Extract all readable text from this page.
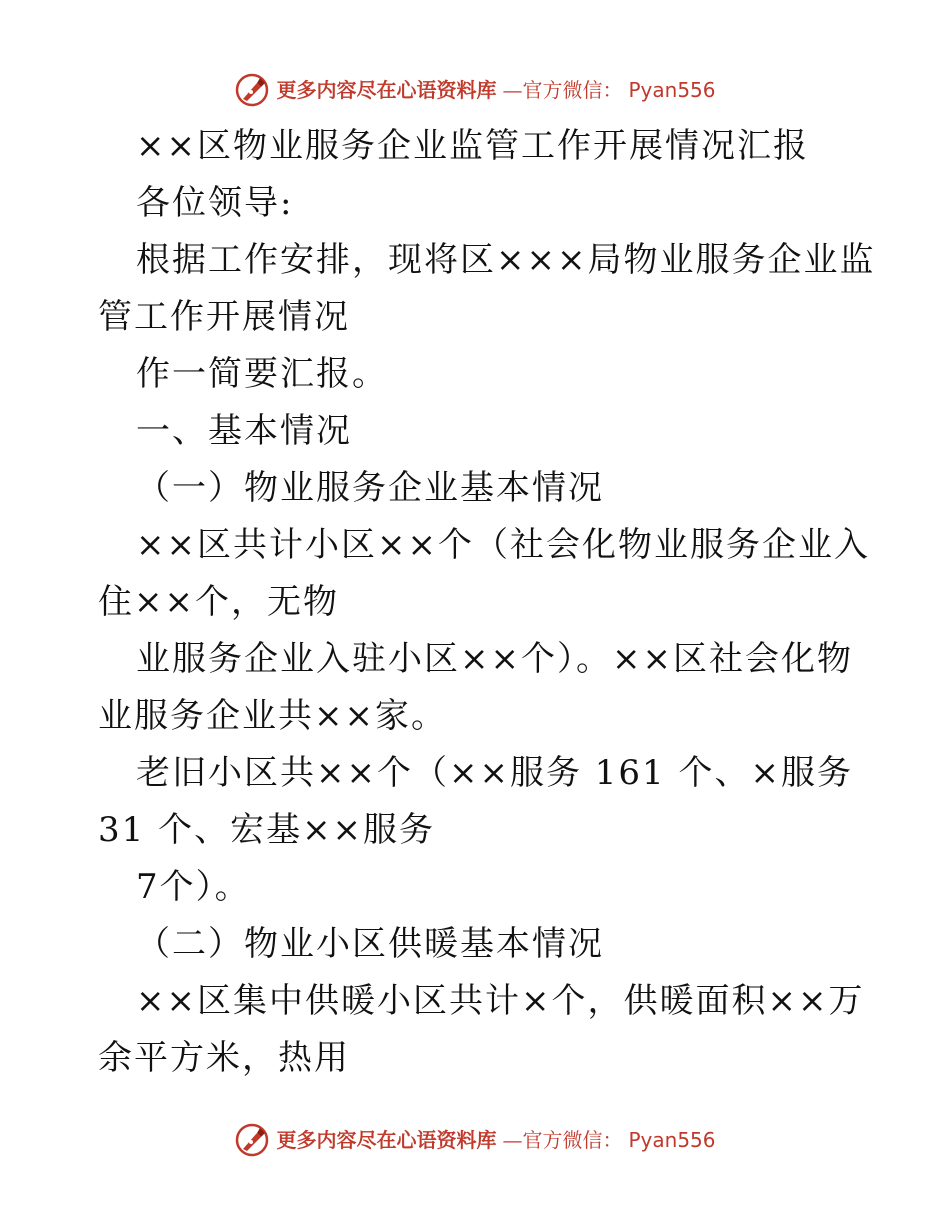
更多内容尽在心语资料库 —官方微信： Pyan556
××区物业服务企业监管工作开展情况汇报
各位领导:
根据工作安排，现将区×××局物业服务企业监
管工作开展情况
作一简要汇报。
一、基本情况
（一）物业服务企业基本情况
××区共计小区××个（社会化物业服务企业入
住××个，无物
业服务企业入驻小区××个）。××区社会化物
业服务企业共××家。
老旧小区共××个（××服务 161 个、×服务
31 个、宏基××服务
7个）。
（二）物业小区供暖基本情况
××区集中供暖小区共计×个，供暖面积××万
余平方米，热用
更多内容尽在心语资料库 —官方微信： Pyan556
